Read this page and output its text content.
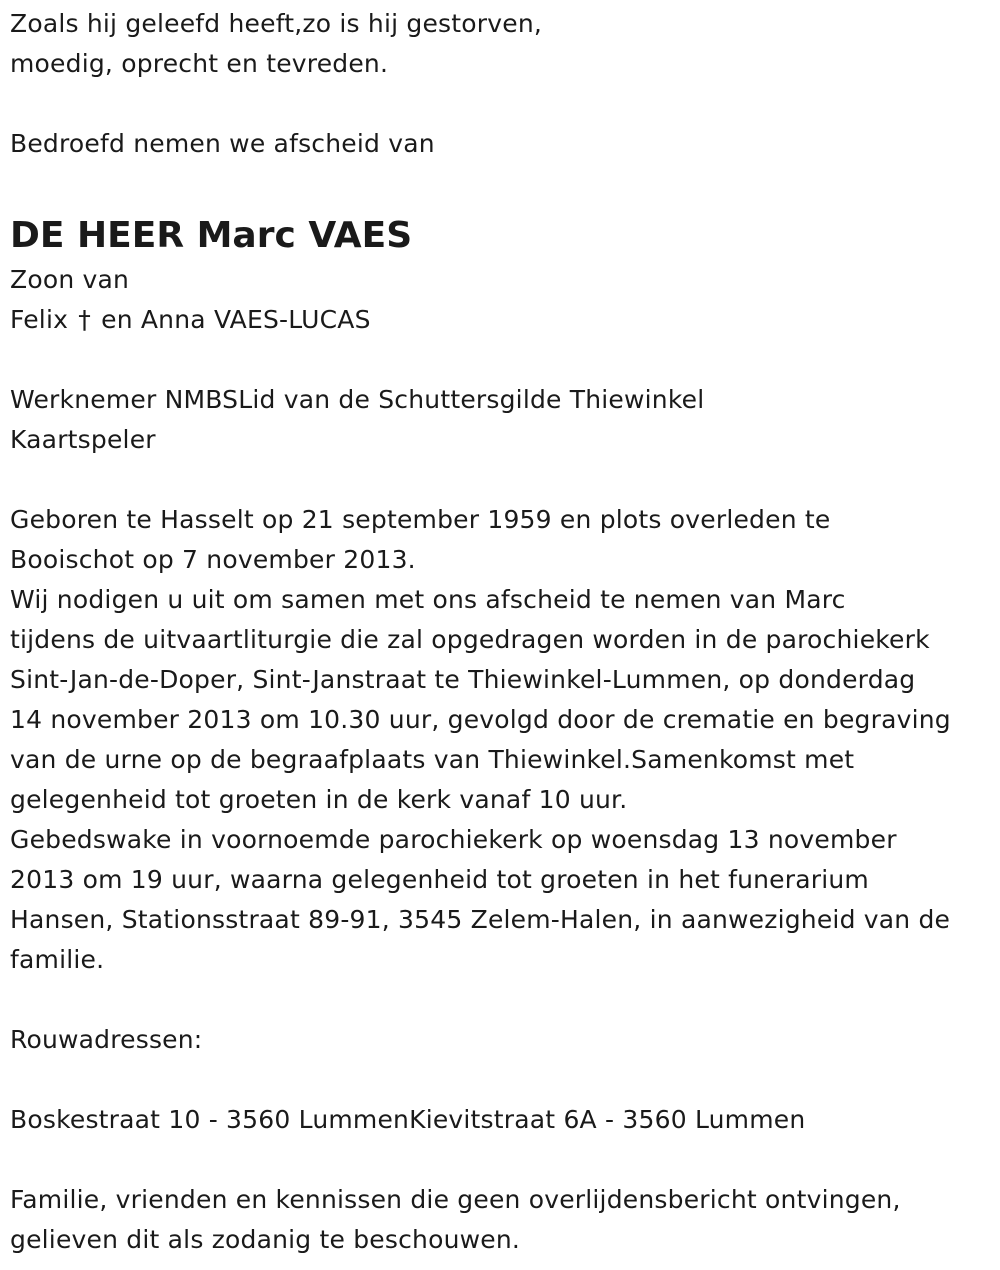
Zoals hij geleefd heeft,zo is hij gestorven,
moedig, oprecht en tevreden.
Bedroefd nemen we afscheid van
DE HEER Marc VAES
Zoon van
Felix † en Anna VAES-LUCAS
Werknemer NMBSLid van de Schuttersgilde Thiewinkel
Kaartspeler
Geboren te Hasselt op 21 september 1959 en plots overleden te
Booischot op 7 november 2013.
Wij nodigen u uit om samen met ons afscheid te nemen van Marc
tijdens de uitvaartliturgie die zal opgedragen worden in de parochiekerk
Sint-Jan-de-Doper, Sint-Janstraat te Thiewinkel-Lummen, op donderdag
14 november 2013 om 10.30 uur, gevolgd door de crematie en begraving
van de urne op de begraafplaats van Thiewinkel.Samenkomst met
gelegenheid tot groeten in de kerk vanaf 10 uur.
Gebedswake in voornoemde parochiekerk op woensdag 13 november
2013 om 19 uur, waarna gelegenheid tot groeten in het funerarium
Hansen, Stationsstraat 89-91, 3545 Zelem-Halen, in aanwezigheid van de
familie.
Rouwadressen:
Boskestraat 10 - 3560 LummenKievitstraat 6A - 3560 Lummen
Familie, vrienden en kennissen die geen overlijdensbericht ontvingen,
gelieven dit als zodanig te beschouwen.
